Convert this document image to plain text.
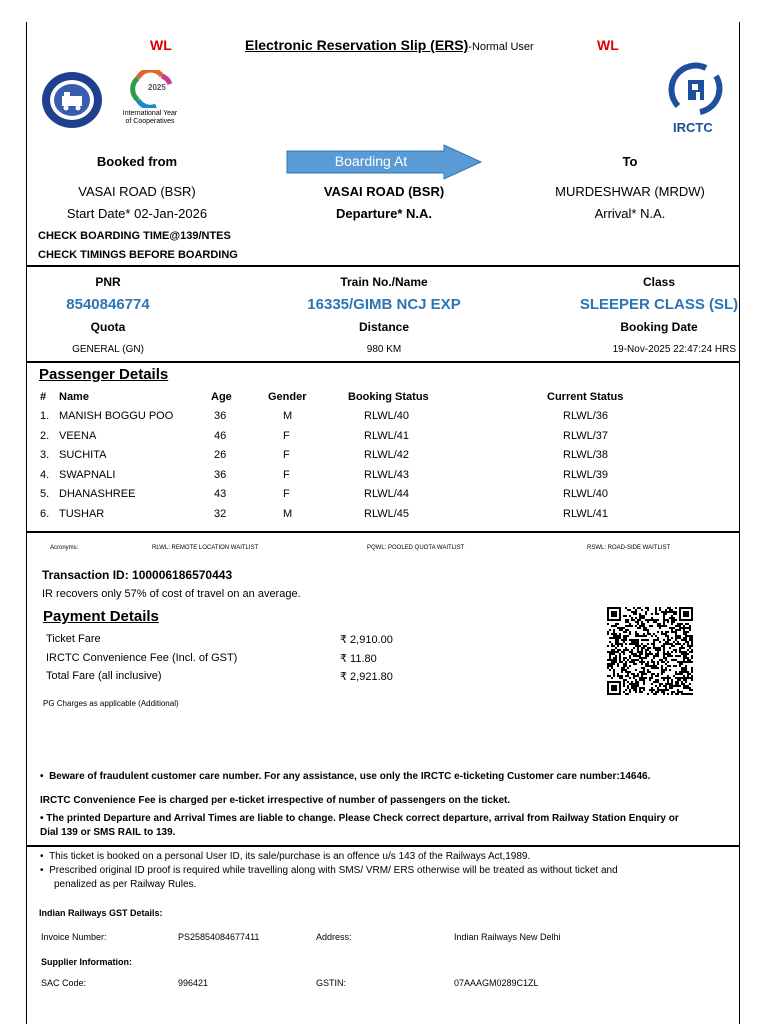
WL	Electronic Reservation Slip (ERS)-Normal User	WL
2025
International Year
of Cooperatives	IRCTC
Booked from	Boarding At	To
VASAI ROAD (BSR)	VASAI ROAD (BSR)	MURDESHWAR (MRDW)
Start Date* 02-Jan-2026	Departure* N.A.	Arrival* N.A.
CHECK BOARDING TIME@139/NTES
CHECK TIMINGS BEFORE BOARDING
PNR	Train No./Name	Class
8540846774	16335/GIMB NCJ EXP	SLEEPER CLASS (SL)
Quota	Distance	Booking Date
GENERAL (GN)	980 KM	19-Nov-2025 22:47:24 HRS
Passenger Details
# Name	Age	Gender	Booking Status	Current Status
1. MANISH BOGGU POO	36	M	RLWL/40	RLWL/36
2. VEENA	46	F	RLWL/41	RLWL/37
3. SUCHITA	26	F	RLWL/42	RLWL/38
4. SWAPNALI	36	F	RLWL/43	RLWL/39
5. DHANASHREE	43	F	RLWL/44	RLWL/40
6. TUSHAR	32	M	RLWL/45	RLWL/41
Acronyms:	RLWL: REMOTE LOCATION WAITLIST	PQWL: POOLED QUOTA WAITLIST	RSWL: ROAD-SIDE WAITLIST
Transaction ID: 100006186570443
IR recovers only 57% of cost of travel on an average.
Payment Details
Ticket Fare	₹ 2,910.00
IRCTC Convenience Fee (Incl. of GST)	₹ 11.80
Total Fare (all inclusive)	₹ 2,921.80
PG Charges as applicable (Additional)
•  Beware of fraudulent customer care number. For any assistance, use only the IRCTC e-ticketing Customer care number:14646.
IRCTC Convenience Fee is charged per e-ticket irrespective of number of passengers on the ticket.
• The printed Departure and Arrival Times are liable to change. Please Check correct departure, arrival from Railway Station Enquiry or
Dial 139 or SMS RAIL to 139.
•  This ticket is booked on a personal User ID, its sale/purchase is an offence u/s 143 of the Railways Act,1989.
•  Prescribed original ID proof is required while travelling along with SMS/ VRM/ ERS otherwise will be treated as without ticket and
penalized as per Railway Rules.
Indian Railways GST Details:
Invoice Number:	PS25854084677411	Address:	Indian Railways New Delhi
Supplier Information:
SAC Code:	996421	GSTIN:	07AAAGM0289C1ZL
